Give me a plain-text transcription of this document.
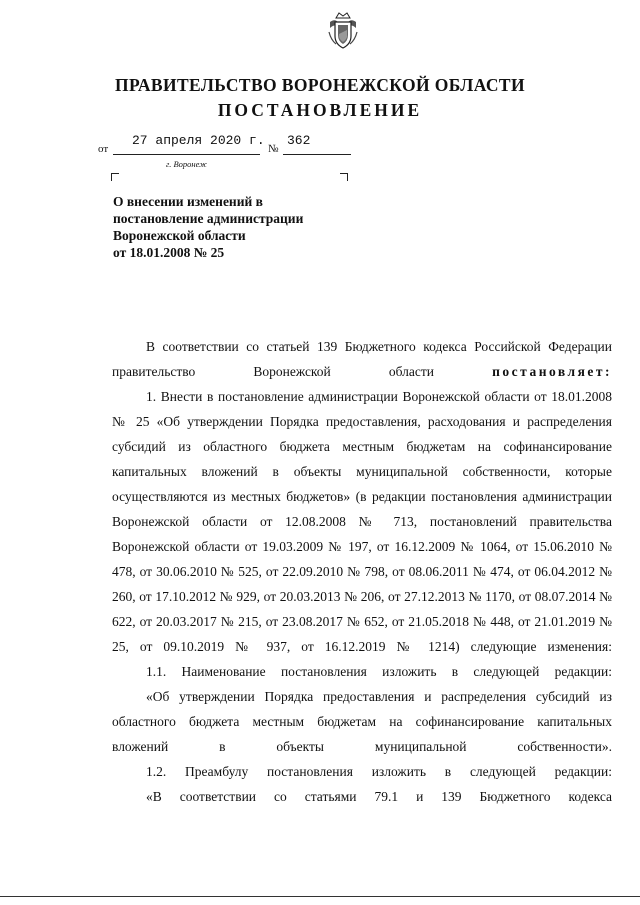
ПРАВИТЕЛЬСТВО ВОРОНЕЖСКОЙ ОБЛАСТИ
ПОСТАНОВЛЕНИЕ
от
27 апреля 2020 г.
№
362
г. Воронеж
О внесении изменений в
постановление администрации
Воронежской области
от 18.01.2008 № 25

В соответствии со статьей 139 Бюджетного кодекса Российской Федерации правительство Воронежской области	постановляет:

1. Внести в постановление администрации Воронежской области от 18.01.2008 № 25 «Об утверждении Порядка предоставления, расходования и распределения субсидий из областного бюджета местным бюджетам на софинансирование капитальных вложений в объекты муниципальной собственности, которые осуществляются из местных бюджетов» (в редакции постановления администрации Воронежской области от 12.08.2008 № 713, постановлений правительства Воронежской области от 19.03.2009 № 197, от 16.12.2009 № 1064, от 15.06.2010 № 478, от 30.06.2010 № 525, от 22.09.2010 № 798, от 08.06.2011 № 474, от 06.04.2012 № 260, от 17.10.2012 № 929, от 20.03.2013 № 206, от 27.12.2013 № 1170, от 08.07.2014 № 622, от 20.03.2017 № 215, от 23.08.2017 № 652, от 21.05.2018 № 448, от 21.01.2019 № 25, от 09.10.2019 № 937, от 16.12.2019 № 1214) следующие изменения:

1.1. Наименование постановления изложить в следующей редакции:

«Об утверждении Порядка предоставления и распределения субсидий из областного бюджета местным бюджетам на софинансирование капитальных вложений в объекты муниципальной собственности».

1.2. Преамбулу постановления изложить в следующей редакции:

«В соответствии со статьями 79.1 и 139 Бюджетного кодекса
